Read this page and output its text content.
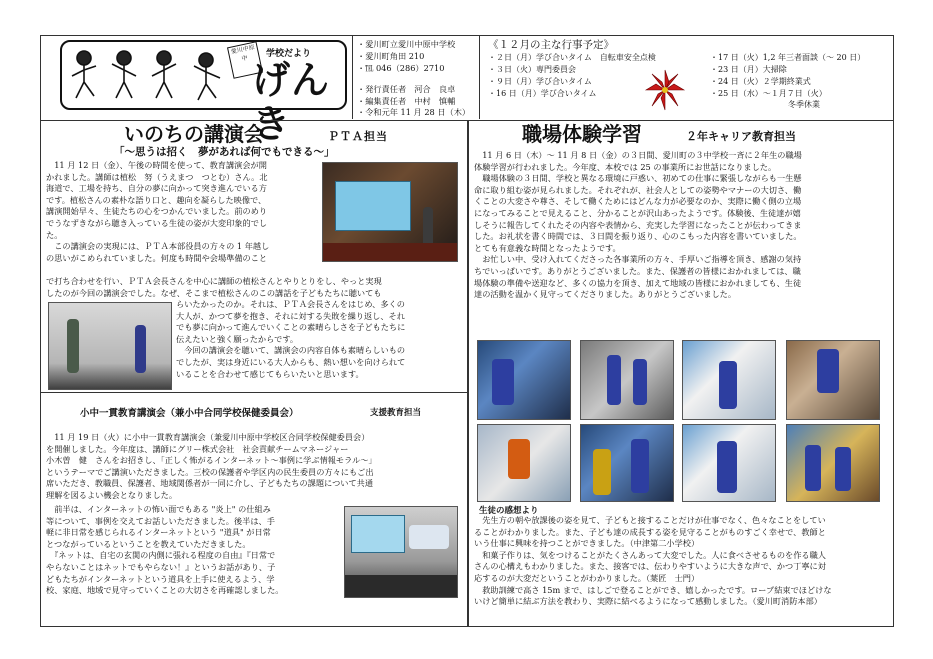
愛川中原中	学校だより
げんき
・愛川町立愛川中原中学校
・愛川町角田 210
・℡ 046（286）2710
・発行責任者　河合　良卓
・編集責任者　中村　慎輔
・令和元年 11 月 28 日（木）
《１２月の主な行事予定》
・２日（月）学び合いタイム　自転車安全点検
・３日（火）専門委員会
・９日（月）学び合いタイム
・16 日（月）学び合いタイム
・17 日（火）1,2 年三者面談（～ 20 日）
・23 日（月）大掃除
・24 日（火）２学期終業式
・25 日（水）～１月７日（火）
冬季休業
いのちの講演会	ＰＴＡ担当
「～思うは招く　夢があれば何でもできる～」
　11 月 12 日（金）、午後の時間を使って、教育講演会が開
かれました。講師は植松　努（うえまつ　つとむ）さん。北
海道で、工場を持ち、自分の夢に向かって突き進んでいる方
です。植松さんの素朴な語り口と、趣向を凝らした映像で、
講演開始早々、生徒たちの心をつかんでいました。前のめり
でうなずきながら聴き入っている生徒の姿が大変印象的でし
た。
　この講演会の実現には、ＰＴＡ本部役員の方々の 1 年越し
の思いがこめられていました。何度も時間や会場準備のこと
で打ち合わせを行い、ＰＴＡ会長さんを中心に講師の植松さんとやりとりをし、やっと実現
したのが今回の講演会でした。なぜ、そこまで植松さんのこの講話を子どもたちに聴いても
らいたかったのか。それは、ＰＴＡ会長さんをはじめ、多くの
大人が、かつて夢を抱き、それに対する失敗を繰り返し、それ
でも夢に向かって進んでいくことの素晴らしさを子どもたちに
伝えたいと強く願ったからです。
　今回の講演会を聴いて、講演会の内容自体も素晴らしいもの
でしたが、実は身近にいる大人からも、熱い想いを向けられて
いることを合わせて感じてもらいたいと思います。
小中一貫教育講演会（兼小中合同学校保健委員会）	支援教育担当
　11 月 19 日（火）に小中一貫教育講演会（兼愛川中原中学校区合同学校保健委員会）
を開催しました。今年度は、講師にグリー株式会社　社会貢献チームマネージャー
小木曽　健　さんをお招きし、「正しく怖がるインターネット～事例に学ぶ情報モラル～」
というテーマでご講演いただきました。三校の保護者や学区内の民生委員の方々にもご出
席いただき、教職員、保護者、地域関係者が一同に介し、子どもたちの課題について共通
理解を図るよい機会となりました。
　前半は、インターネットの怖い面でもある "炎上" の仕組み
等について、事例を交えてお話しいただきました。後半は、手
軽に非日常を感じられるインターネットという "道具" が日常
とつながっているということを教えていただきました。
　『ネットは、自宅の玄関の内側に張れる程度の自由』『日常で
やらないことはネットでもやらない！』というお話があり、子
どもたちがインターネットという道具を上手に使えるよう、学
校、家庭、地域で見守っていくことの大切さを再確認しました。
職場体験学習	２年キャリア教育担当
　11 月 6 日（木）～ 11 月 8 日（金）の３日間、愛川町の３中学校一斉に２年生の職場
体験学習が行われました。今年度、本校では 25 の事業所にお世話になりました。
　職場体験の３日間、学校と異なる環境に戸惑い、初めての仕事に緊張しながらも一生懸
命に取り組む姿が見られました。それぞれが、社会人としての姿勢やマナーの大切さ、働
くことの大変さや尊さ、そして働くためにはどんな力が必要なのか、実際に働く側の立場
になってみることで見えること、分かることが沢山あったようです。体験後、生徒達が嬉
しそうに報告してくれたその内容や表情から、充実した学習になったことが伝わってきま
した。お礼状を書く時間では、３日間を振り返り、心のこもった内容を書いていました。
とても有意義な時間となったようです。
　お忙しい中、受け入れてくださった各事業所の方々、手厚いご指導を頂き、感謝の気持
ちでいっぱいです。ありがとうございました。また、保護者の皆様におかれましては、職
場体験の準備や送迎など、多くの協力を頂き、加えて地域の皆様におかれましても、生徒
達の活動を温かく見守ってくださりました。ありがとうございました。
生徒の感想より
　先生方の朝や放課後の姿を見て、子どもと接することだけが仕事でなく、色々なことをしてい
ることがわかりました。また、子ども達の成長する姿を見守ることがものすごく幸せで、教師と
いう仕事に興味を持つことができました。（中津第二小学校）
　和菓子作りは、気をつけることがたくさんあって大変でした。人に食べさせるものを作る職人
さんの心構えもわかりました。また、接客では、伝わりやすいように大きな声で、かつ丁寧に対
応するのが大変だということがわかりました。（葉匠　士門）
　救助訓練で高さ 15m まで、はしごで登ることができ、嬉しかったです。ロープ結束でほどけな
いけど簡単に結ぶ方法を教わり、実際に結べるようになって感動しました。（愛川町消防本部）
